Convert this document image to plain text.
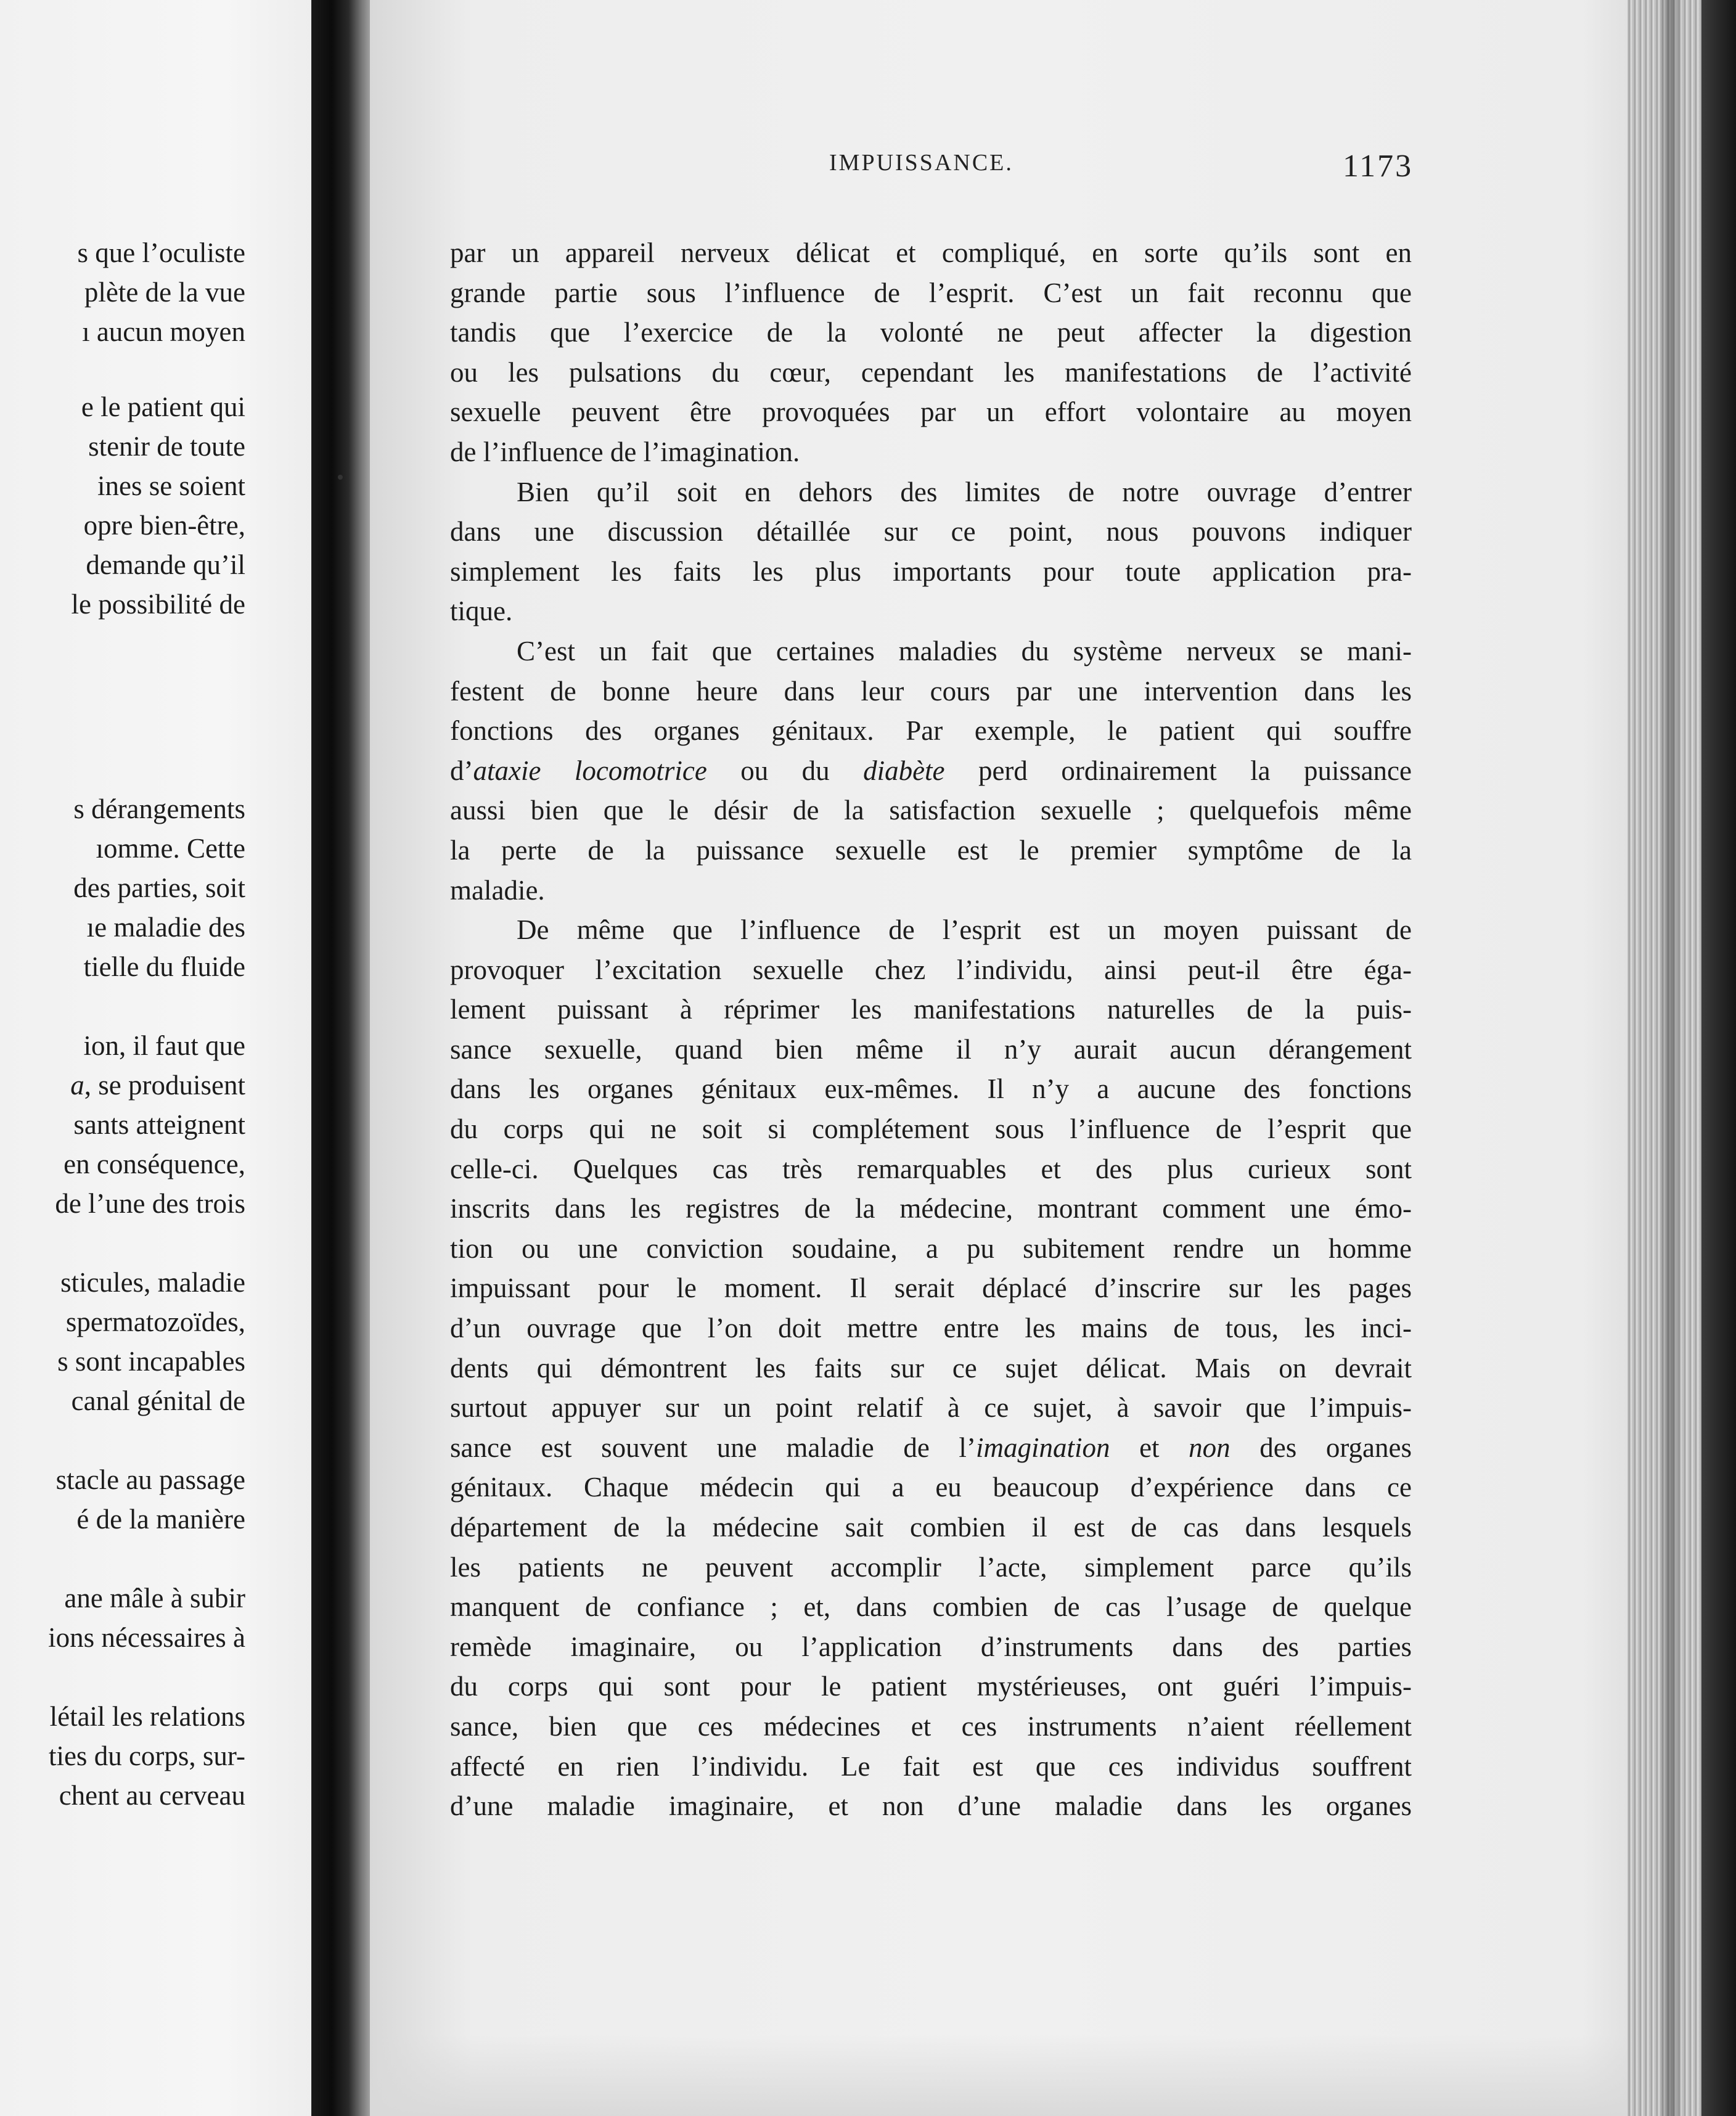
s que l’oculiste
plète de la vue
ı aucun moyen
e le patient qui
stenir de toute
ines se soient
opre bien-être,
demande qu’il
le possibilité de
s dérangements
ıomme. Cette
des parties, soit
ıe maladie des
tielle du fluide
ion, il faut que
a, se produisent
sants atteignent
en conséquence,
de l’une des trois
sticules, maladie
spermatozoïdes,
s sont incapables
canal génital de
stacle au passage
é de la manière
ane mâle à subir
ions nécessaires à
létail les relations
ties du corps, sur-
chent au cerveau
IMPUISSANCE.	1173
par un appareil nerveux délicat et compliqué, en sorte qu’ils sont en
grande partie sous l’influence de l’esprit. C’est un fait reconnu que
tandis que l’exercice de la volonté ne peut affecter la digestion
ou les pulsations du cœur, cependant les manifestations de l’activité
sexuelle peuvent être provoquées par un effort volontaire au moyen
de l’influence de l’imagination.
Bien qu’il soit en dehors des limites de notre ouvrage d’entrer
dans une discussion détaillée sur ce point, nous pouvons indiquer
simplement les faits les plus importants pour toute application pra-
tique.
C’est un fait que certaines maladies du système nerveux se mani-
festent de bonne heure dans leur cours par une intervention dans les
fonctions des organes génitaux. Par exemple, le patient qui souffre
d’ataxie locomotrice ou du diabète perd ordinairement la puissance
aussi bien que le désir de la satisfaction sexuelle ; quelquefois même
la perte de la puissance sexuelle est le premier symptôme de la
maladie.
De même que l’influence de l’esprit est un moyen puissant de
provoquer l’excitation sexuelle chez l’individu, ainsi peut-il être éga-
lement puissant à réprimer les manifestations naturelles de la puis-
sance sexuelle, quand bien même il n’y aurait aucun dérangement
dans les organes génitaux eux-mêmes. Il n’y a aucune des fonctions
du corps qui ne soit si complétement sous l’influence de l’esprit que
celle-ci. Quelques cas très remarquables et des plus curieux sont
inscrits dans les registres de la médecine, montrant comment une émo-
tion ou une conviction soudaine, a pu subitement rendre un homme
impuissant pour le moment. Il serait déplacé d’inscrire sur les pages
d’un ouvrage que l’on doit mettre entre les mains de tous, les inci-
dents qui démontrent les faits sur ce sujet délicat. Mais on devrait
surtout appuyer sur un point relatif à ce sujet, à savoir que l’impuis-
sance est souvent une maladie de l’imagination et non des organes
génitaux. Chaque médecin qui a eu beaucoup d’expérience dans ce
département de la médecine sait combien il est de cas dans lesquels
les patients ne peuvent accomplir l’acte, simplement parce qu’ils
manquent de confiance ; et, dans combien de cas l’usage de quelque
remède imaginaire, ou l’application d’instruments dans des parties
du corps qui sont pour le patient mystérieuses, ont guéri l’impuis-
sance, bien que ces médecines et ces instruments n’aient réellement
affecté en rien l’individu. Le fait est que ces individus souffrent
d’une maladie imaginaire, et non d’une maladie dans les organes
